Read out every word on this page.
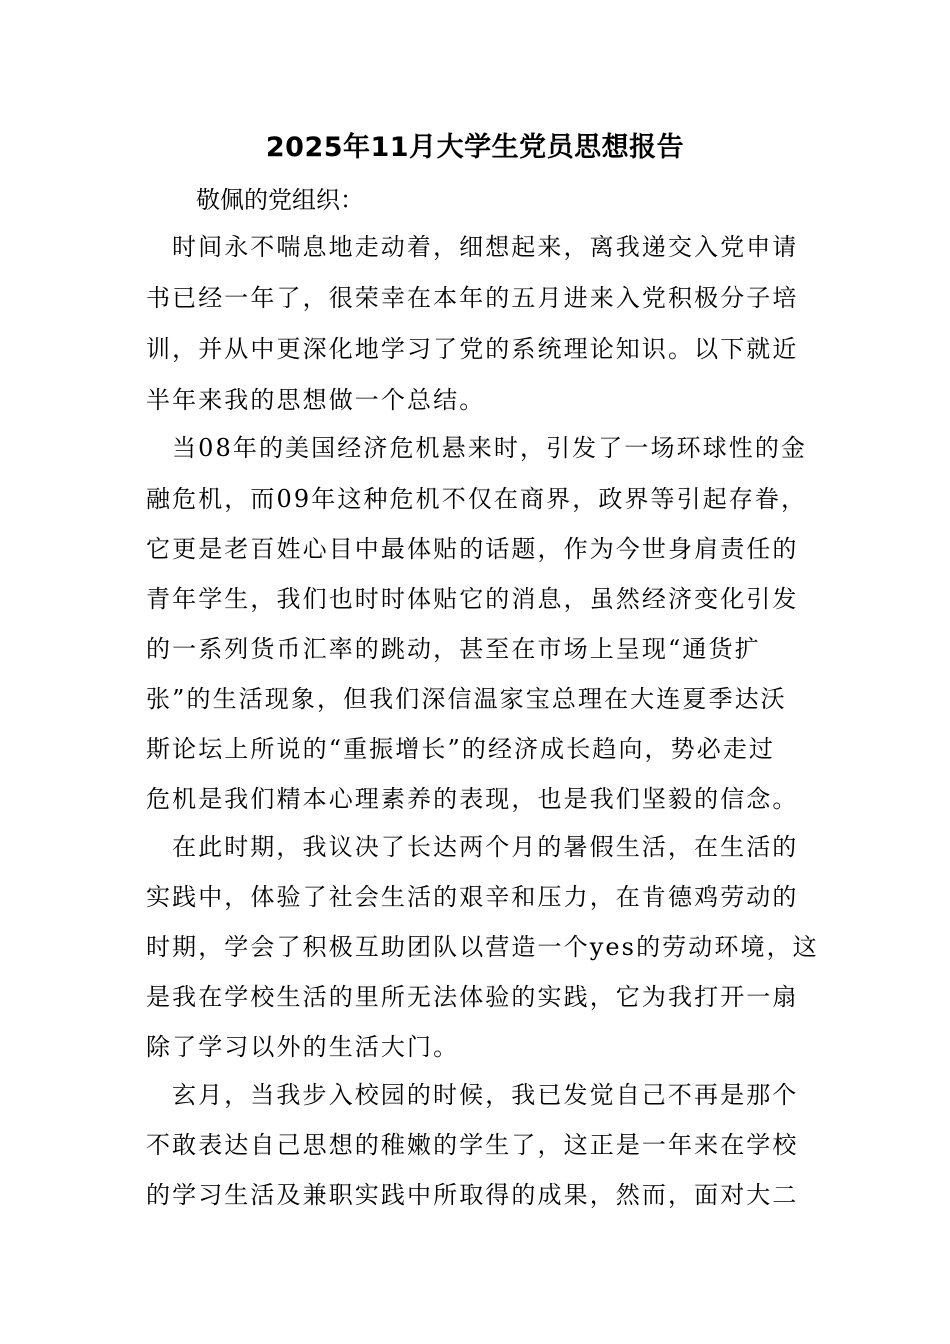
2025年11月大学生党员思想报告
敬佩的党组织：
时间永不喘息地走动着，细想起来，离我递交入党申请
书已经一年了，很荣幸在本年的五月进来入党积极分子培
训，并从中更深化地学习了党的系统理论知识。以下就近
半年来我的思想做一个总结。
当08年的美国经济危机悬来时，引发了一场环球性的金
融危机，而09年这种危机不仅在商界，政界等引起存眷，
它更是老百姓心目中最体贴的话题，作为今世身肩责任的
青年学生，我们也时时体贴它的消息，虽然经济变化引发
的一系列货币汇率的跳动，甚至在市场上呈现“通货扩
张”的生活现象，但我们深信温家宝总理在大连夏季达沃
斯论坛上所说的“重振增长”的经济成长趋向，势必走过
危机是我们精本心理素养的表现，也是我们坚毅的信念。
在此时期，我议决了长达两个月的暑假生活，在生活的
实践中，体验了社会生活的艰辛和压力，在肯德鸡劳动的
时期，学会了积极互助团队以营造一个yes的劳动环境，这
是我在学校生活的里所无法体验的实践，它为我打开一扇
除了学习以外的生活大门。
玄月，当我步入校园的时候，我已发觉自己不再是那个
不敢表达自己思想的稚嫩的学生了，这正是一年来在学校
的学习生活及兼职实践中所取得的成果，然而，面对大二
